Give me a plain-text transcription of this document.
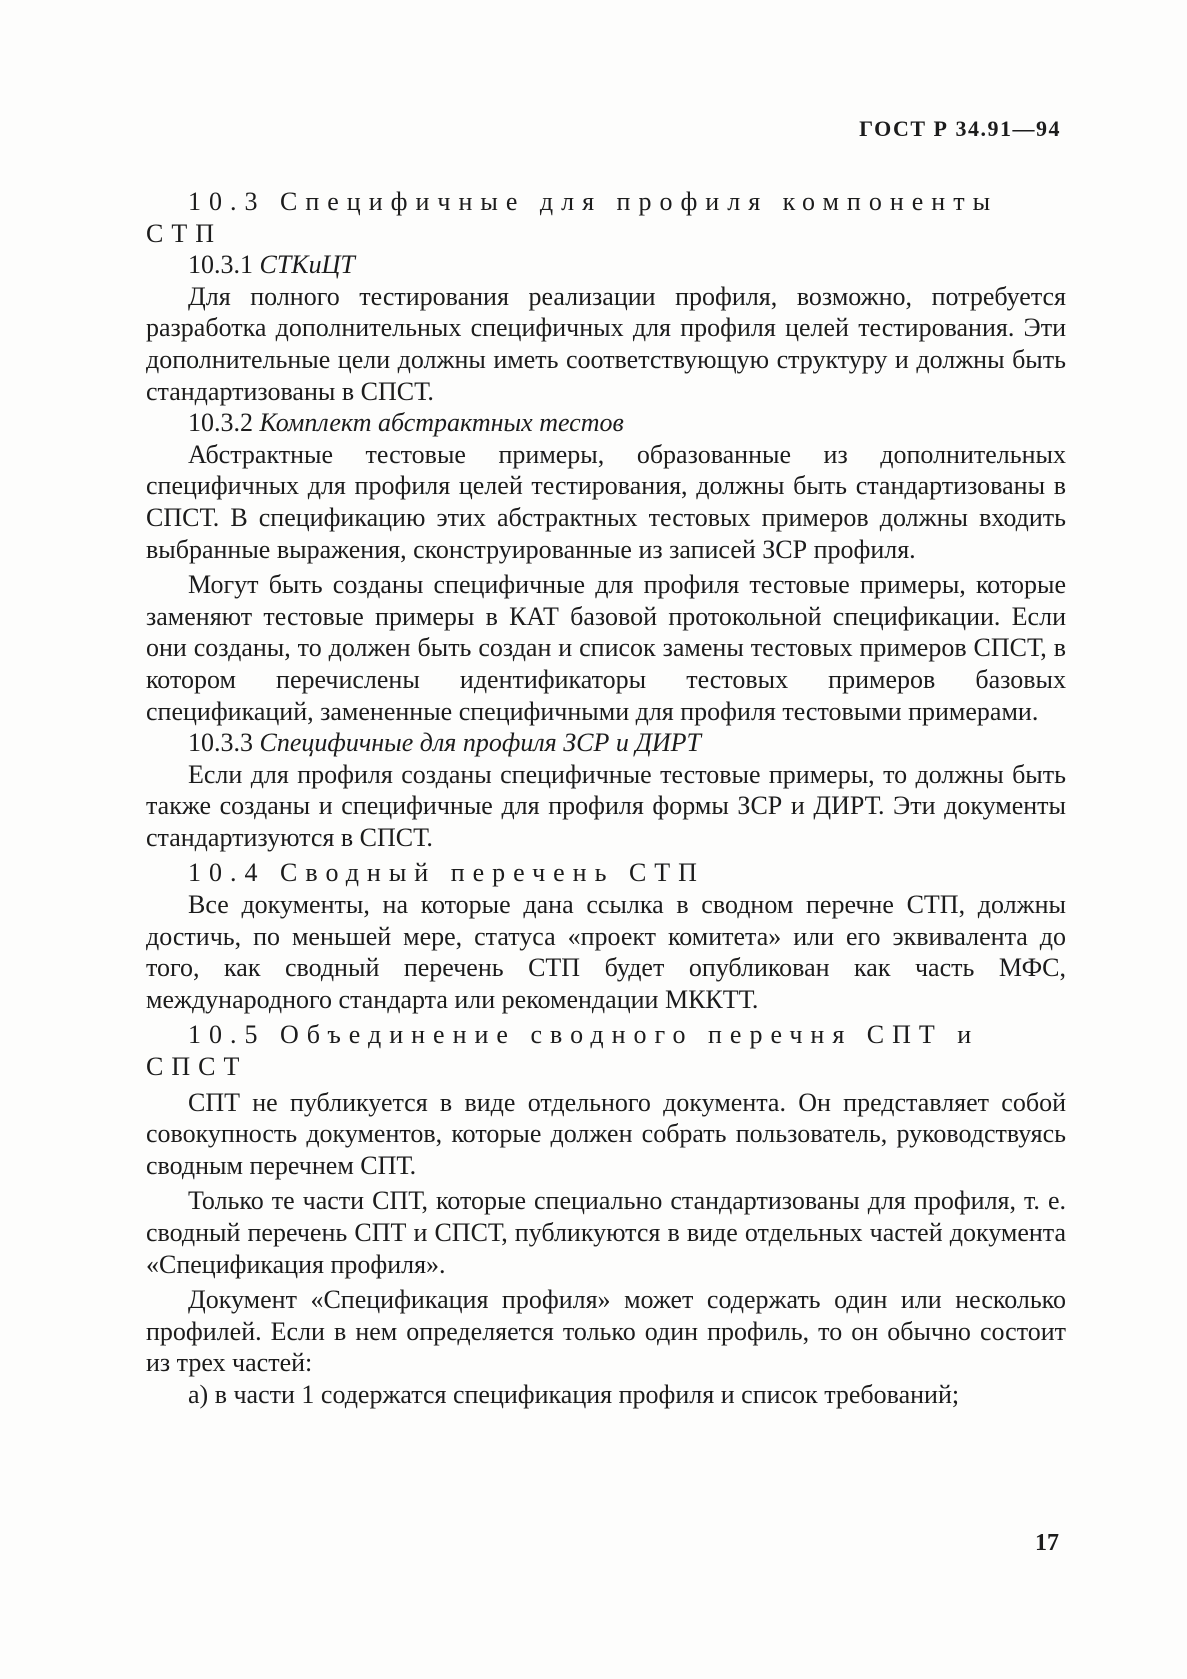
ГОСТ Р 34.91—94

10.3 Специфичные для профиля компоненты СТП

10.3.1 СТКиЦТ

Для полного тестирования реализации профиля, возможно, потребуется разработка дополнительных специфичных для профиля целей тестирования. Эти дополнительные цели должны иметь соответствующую структуру и должны быть стандартизованы в СПСТ.

10.3.2 Комплект абстрактных тестов

Абстрактные тестовые примеры, образованные из дополнительных специфичных для профиля целей тестирования, должны быть стандартизованы в СПСТ. В спецификацию этих абстрактных тестовых примеров должны входить выбранные выражения, сконструированные из записей ЗСР профиля.

Могут быть созданы специфичные для профиля тестовые примеры, которые заменяют тестовые примеры в КАТ базовой протокольной спецификации. Если они созданы, то должен быть создан и список замены тестовых примеров СПСТ, в котором перечислены идентификаторы тестовых примеров базовых спецификаций, замененные специфичными для профиля тестовыми примерами.

10.3.3 Специфичные для профиля ЗСР и ДИРТ

Если для профиля созданы специфичные тестовые примеры, то должны быть также созданы и специфичные для профиля формы ЗСР и ДИРТ. Эти документы стандартизуются в СПСТ.

10.4 Сводный перечень СТП

Все документы, на которые дана ссылка в сводном перечне СТП, должны достичь, по меньшей мере, статуса «проект комитета» или его эквивалента до того, как сводный перечень СТП будет опубликован как часть МФС, международного стандарта или рекомендации МККТТ.

10.5 Объединение сводного перечня СПТ и СПСТ

СПТ не публикуется в виде отдельного документа. Он представляет собой совокупность документов, которые должен собрать пользователь, руководствуясь сводным перечнем СПТ.

Только те части СПТ, которые специально стандартизованы для профиля, т. е. сводный перечень СПТ и СПСТ, публикуются в виде отдельных частей документа «Спецификация профиля».

Документ «Спецификация профиля» может содержать один или несколько профилей. Если в нем определяется только один профиль, то он обычно состоит из трех частей:

а) в части 1 содержатся спецификация профиля и список требований;

17
